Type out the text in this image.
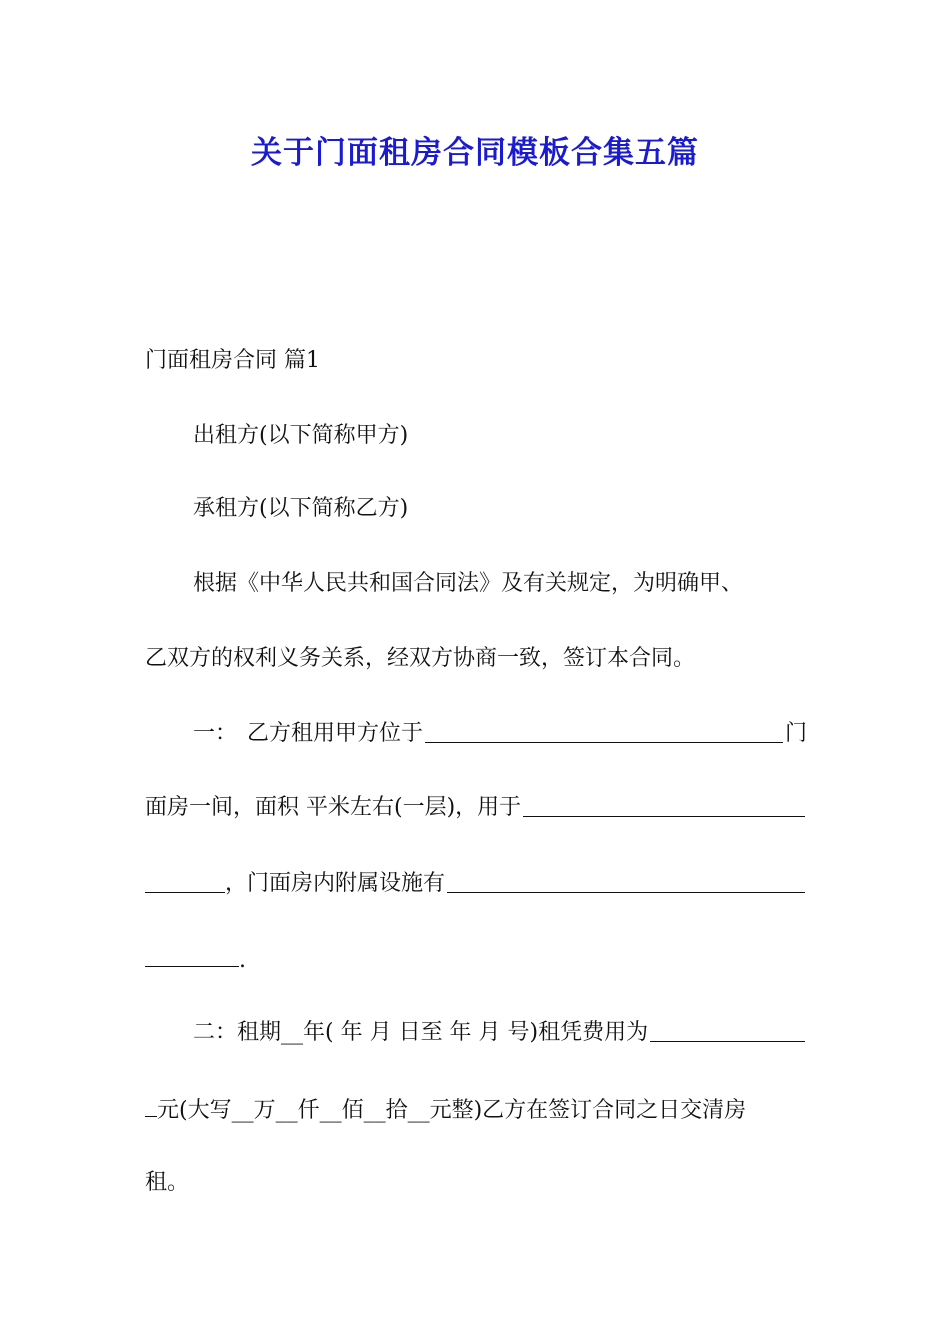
关于门面租房合同模板合集五篇
门面租房合同 篇1
出租方(以下简称甲方)
承租方(以下简称乙方)
根据《中华人民共和国合同法》及有关规定，为明确甲、
乙双方的权利义务关系，经双方协商一致，签订本合同。
一： 乙方租用甲方位于	门
面房一间，面积 平米左右(一层)，用于
，门面房内附属设施有
.
二：租期__年( 年 月 日至 年 月 号)租凭费用为
元(大写__万__仟__佰__拾__元整)乙方在签订合同之日交清房
租。
